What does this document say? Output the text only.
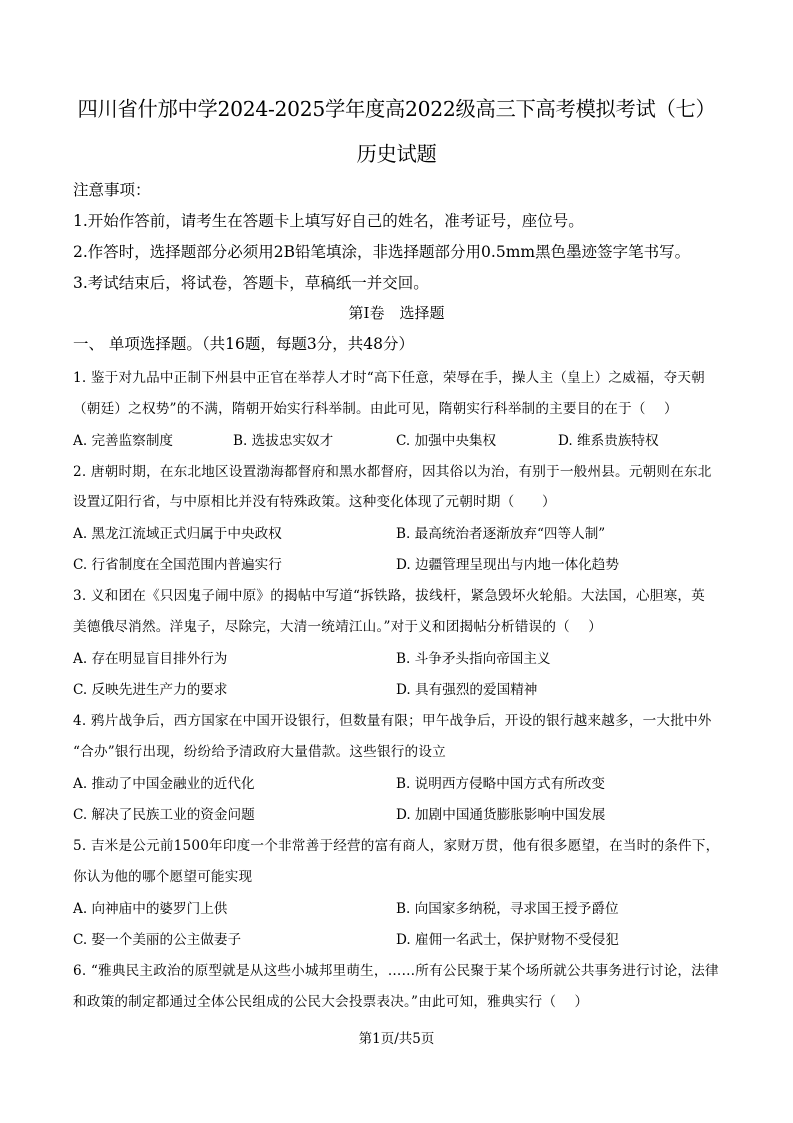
四川省什邡中学2024-2025学年度高2022级高三下高考模拟考试（七）
历史试题
注意事项：
1.开始作答前，请考生在答题卡上填写好自己的姓名，准考证号，座位号。
2.作答时，选择题部分必须用2B铅笔填涂，非选择题部分用0.5mm黑色墨迹签字笔书写。
3.考试结束后，将试卷，答题卡，草稿纸一并交回。
第Ⅰ卷　选择题
一、 单项选择题。（共16题，每题3分，共48分）
1. 鉴于对九品中正制下州县中正官在举荐人才时“高下任意，荣辱在手，操人主（皇上）之威福，夺天朝
（朝廷）之权势”的不满，隋朝开始实行科举制。由此可见，隋朝实行科举制的主要目的在于（　 ）
A. 完善监察制度	B. 选拔忠实奴才	C. 加强中央集权	D. 维系贵族特权
2. 唐朝时期，在东北地区设置渤海都督府和黑水都督府，因其俗以为治，有别于一般州县。元朝则在东北
设置辽阳行省，与中原相比并没有特殊政策。这种变化体现了元朝时期（　　）
A. 黑龙江流域正式归属于中央政权	B. 最高统治者逐渐放弃“四等人制”
C. 行省制度在全国范围内普遍实行	D. 边疆管理呈现出与内地一体化趋势
3. 义和团在《只因鬼子闹中原》的揭帖中写道“拆铁路，拔线杆，紧急毁坏火轮船。大法国，心胆寒，英
美德俄尽消然。洋鬼子，尽除完，大清一统靖江山。”对于义和团揭帖分析错误的（　 ）
A. 存在明显盲目排外行为	B. 斗争矛头指向帝国主义
C. 反映先进生产力的要求	D. 具有强烈的爱国精神
4. 鸦片战争后，西方国家在中国开设银行，但数量有限；甲午战争后，开设的银行越来越多，一大批中外
“合办”银行出现，纷纷给予清政府大量借款。这些银行的设立
A. 推动了中国金融业的近代化	B. 说明西方侵略中国方式有所改变
C. 解决了民族工业的资金问题	D. 加剧中国通货膨胀影响中国发展
5. 吉米是公元前1500年印度一个非常善于经营的富有商人，家财万贯，他有很多愿望，在当时的条件下，
你认为他的哪个愿望可能实现
A. 向神庙中的婆罗门上供	B. 向国家多纳税，寻求国王授予爵位
C. 娶一个美丽的公主做妻子	D. 雇佣一名武士，保护财物不受侵犯
6. “雅典民主政治的原型就是从这些小城邦里萌生，……所有公民聚于某个场所就公共事务进行讨论，法律
和政策的制定都通过全体公民组成的公民大会投票表决。”由此可知，雅典实行（　 ）
第1页/共5页
